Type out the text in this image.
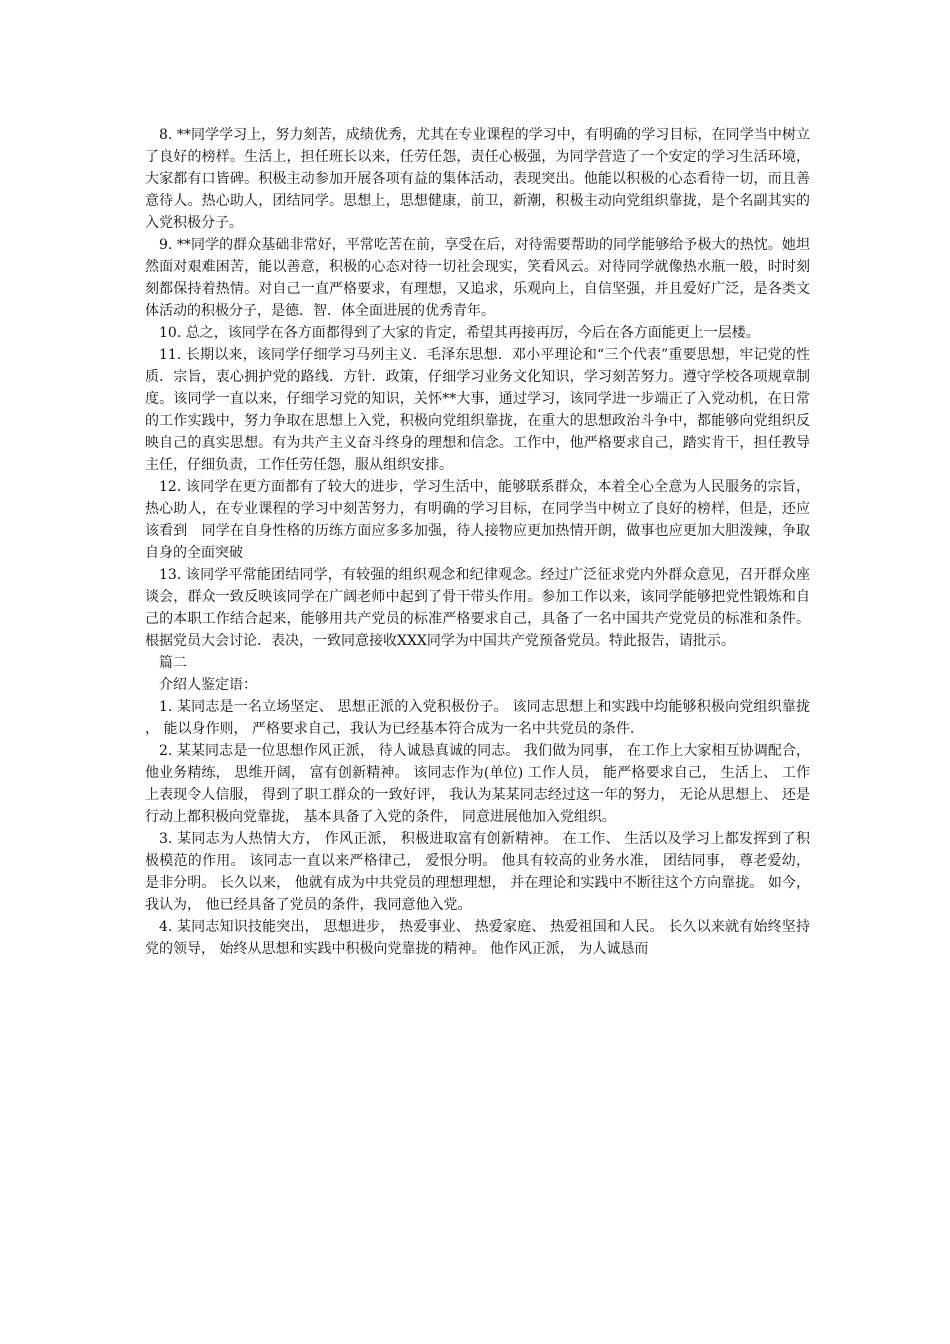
8. **同学学习上，努力刻苦，成绩优秀，尤其在专业课程的学习中，有明确的学习目标，在同学当中树立了良好的榜样。生活上，担任班长以来，任劳任怨，责任心极强，为同学营造了一个安定的学习生活环境，大家都有口皆碑。积极主动参加开展各项有益的集体活动，表现突出。他能以积极的心态看待一切，而且善意待人。热心助人，团结同学。思想上，思想健康，前卫，新潮，积极主动向党组织靠拢，是个名副其实的入党积极分子。

9. **同学的群众基础非常好，平常吃苦在前，享受在后，对待需要帮助的同学能够给予极大的热忱。她坦然面对艰难困苦，能以善意，积极的心态对待一切社会现实，笑看风云。对待同学就像热水瓶一般，时时刻刻都保持着热情。对自己一直严格要求，有理想，又追求，乐观向上，自信坚强，并且爱好广泛，是各类文体活动的积极分子，是德．智．体全面进展的优秀青年。

10. 总之，该同学在各方面都得到了大家的肯定，希望其再接再厉，今后在各方面能更上一层楼。

11. 长期以来，该同学仔细学习马列主义．毛泽东思想．邓小平理论和“三个代表”重要思想，牢记党的性质．宗旨，衷心拥护党的路线．方针．政策，仔细学习业务文化知识，学习刻苦努力。遵守学校各项规章制度。该同学一直以来，仔细学习党的知识，关怀**大事，通过学习，该同学进一步端正了入党动机，在日常的工作实践中，努力争取在思想上入党，积极向党组织靠拢，在重大的思想政治斗争中，都能够向党组织反映自己的真实思想。有为共产主义奋斗终身的理想和信念。工作中，他严格要求自己，踏实肯干，担任教导主任，仔细负责，工作任劳任怨，服从组织安排。

12. 该同学在更方面都有了较大的进步，学习生活中，能够联系群众，本着全心全意为人民服务的宗旨，热心助人，在专业课程的学习中刻苦努力，有明确的学习目标，在同学当中树立了良好的榜样，但是，还应该看到　同学在自身性格的历练方面应多多加强，待人接物应更加热情开朗，做事也应更加大胆泼辣，争取自身的全面突破

13. 该同学平常能团结同学，有较强的组织观念和纪律观念。经过广泛征求党内外群众意见，召开群众座谈会，群众一致反映该同学在广阔老师中起到了骨干带头作用。参加工作以来，该同学能够把党性锻炼和自己的本职工作结合起来，能够用共产党员的标准严格要求自己，具备了一名中国共产党党员的标准和条件。根据党员大会讨论．表决，一致同意接收XXX同学为中国共产党预备党员。特此报告，请批示。

篇二

介绍人鉴定语：

1. 某同志是一名立场坚定、 思想正派的入党积极份子。 该同志思想上和实践中均能够积极向党组织靠拢， 能以身作则， 严格要求自己，我认为已经基本符合成为一名中共党员的条件.

2. 某某同志是一位思想作风正派， 待人诚恳真诚的同志。 我们做为同事， 在工作上大家相互协调配合， 他业务精练， 思维开阔， 富有创新精神。 该同志作为(单位) 工作人员， 能严格要求自己， 生活上、 工作上表现令人信服， 得到了职工群众的一致好评， 我认为某某同志经过这一年的努力， 无论从思想上、 还是行动上都积极向党靠拢， 基本具备了入党的条件， 同意进展他加入党组织。

3. 某同志为人热情大方， 作风正派， 积极进取富有创新精神。 在工作、 生活以及学习上都发挥到了积极模范的作用。 该同志一直以来严格律己， 爱恨分明。 他具有较高的业务水准， 团结同事， 尊老爱幼，是非分明。 长久以来， 他就有成为中共党员的理想理想， 并在理论和实践中不断往这个方向靠拢。 如今， 我认为， 他已经具备了党员的条件，我同意他入党。

4. 某同志知识技能突出， 思想进步， 热爱事业、 热爱家庭、 热爱祖国和人民。 长久以来就有始终坚持党的领导， 始终从思想和实践中积极向党靠拢的精神。 他作风正派， 为人诚恳而
